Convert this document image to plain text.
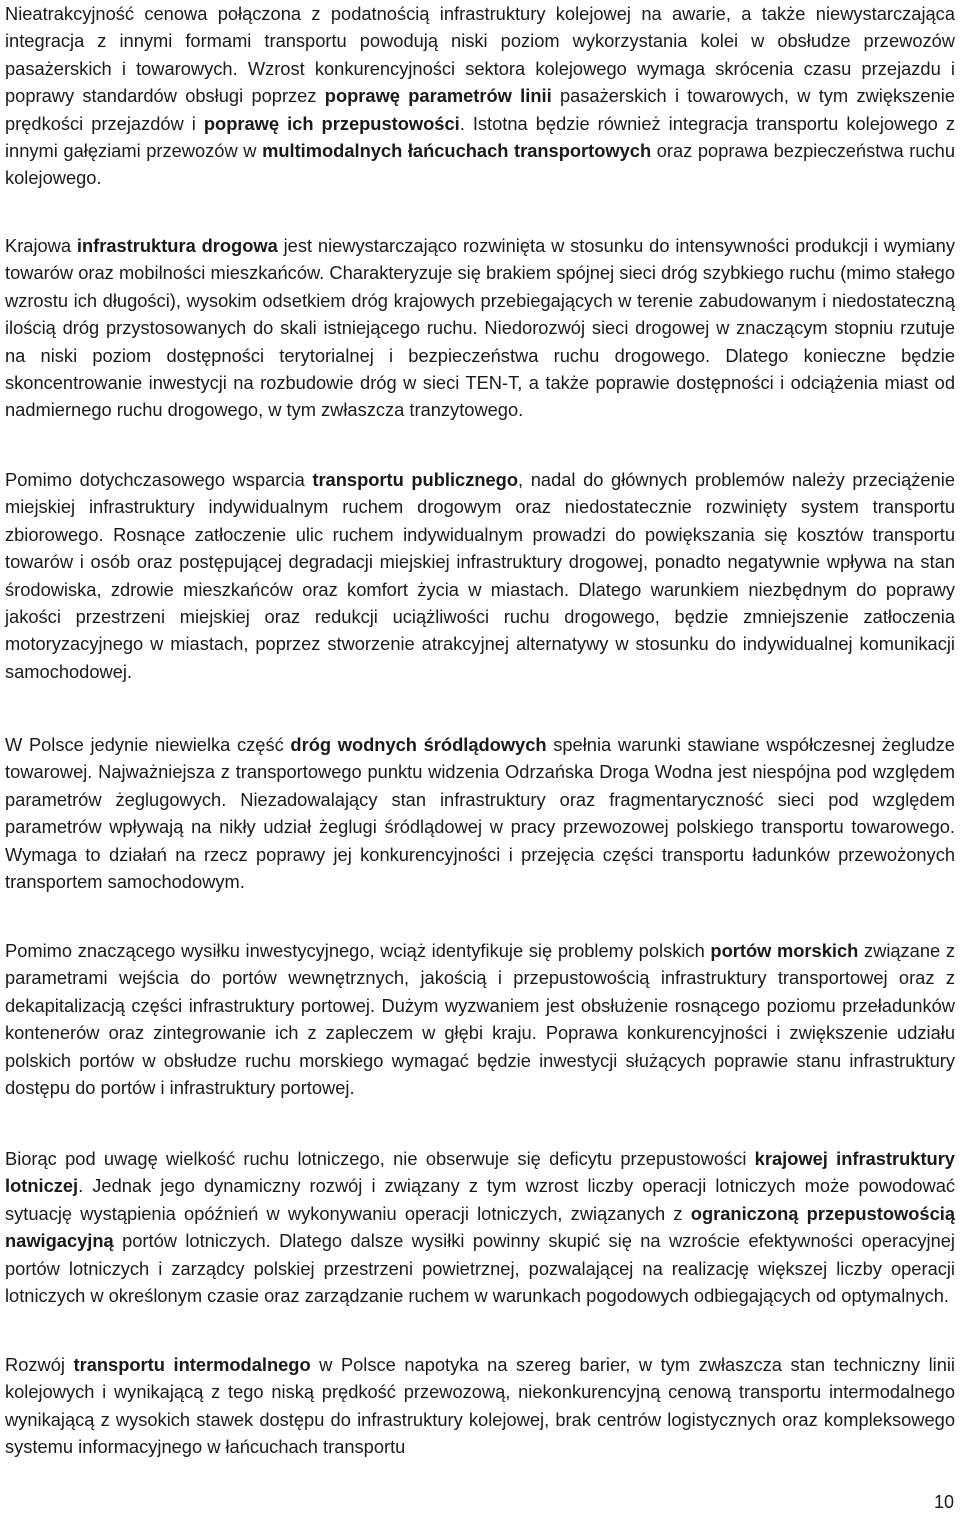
Nieatrakcyjność cenowa połączona z podatnością infrastruktury kolejowej na awarie, a także niewystarczająca integracja z innymi formami transportu powodują niski poziom wykorzystania kolei w obsłudze przewozów pasażerskich i towarowych. Wzrost konkurencyjności sektora kolejowego wymaga skrócenia czasu przejazdu i poprawy standardów obsługi poprzez poprawę parametrów linii pasażerskich i towarowych, w tym zwiększenie prędkości przejazdów i poprawę ich przepustowości. Istotna będzie również integracja transportu kolejowego z innymi gałęziami przewozów w multimodalnych łańcuchach transportowych oraz poprawa bezpieczeństwa ruchu kolejowego.

Krajowa infrastruktura drogowa jest niewystarczająco rozwinięta w stosunku do intensywności produkcji i wymiany towarów oraz mobilności mieszkańców. Charakteryzuje się brakiem spójnej sieci dróg szybkiego ruchu (mimo stałego wzrostu ich długości), wysokim odsetkiem dróg krajowych przebiegających w terenie zabudowanym i niedostateczną ilością dróg przystosowanych do skali istniejącego ruchu. Niedorozwój sieci drogowej w znaczącym stopniu rzutuje na niski poziom dostępności terytorialnej i bezpieczeństwa ruchu drogowego. Dlatego konieczne będzie skoncentrowanie inwestycji na rozbudowie dróg w sieci TEN-T, a także poprawie dostępności i odciążenia miast od nadmiernego ruchu drogowego, w tym zwłaszcza tranzytowego.

Pomimo dotychczasowego wsparcia transportu publicznego, nadal do głównych problemów należy przeciążenie miejskiej infrastruktury indywidualnym ruchem drogowym oraz niedostatecznie rozwinięty system transportu zbiorowego. Rosnące zatłoczenie ulic ruchem indywidualnym prowadzi do powiększania się kosztów transportu towarów i osób oraz postępującej degradacji miejskiej infrastruktury drogowej, ponadto negatywnie wpływa na stan środowiska, zdrowie mieszkańców oraz komfort życia w miastach. Dlatego warunkiem niezbędnym do poprawy jakości przestrzeni miejskiej oraz redukcji uciążliwości ruchu drogowego, będzie zmniejszenie zatłoczenia motoryzacyjnego w miastach, poprzez stworzenie atrakcyjnej alternatywy w stosunku do indywidualnej komunikacji samochodowej.

W Polsce jedynie niewielka część dróg wodnych śródlądowych spełnia warunki stawiane współczesnej żegludze towarowej. Najważniejsza z transportowego punktu widzenia Odrzańska Droga Wodna jest niespójna pod względem parametrów żeglugowych. Niezadowalający stan infrastruktury oraz fragmentaryczność sieci pod względem parametrów wpływają na nikły udział żeglugi śródlądowej w pracy przewozowej polskiego transportu towarowego. Wymaga to działań na rzecz poprawy jej konkurencyjności i przejęcia części transportu ładunków przewożonych transportem samochodowym.

Pomimo znaczącego wysiłku inwestycyjnego, wciąż identyfikuje się problemy polskich portów morskich związane z parametrami wejścia do portów wewnętrznych, jakością i przepustowością infrastruktury transportowej oraz z dekapitalizacją części infrastruktury portowej. Dużym wyzwaniem jest obsłużenie rosnącego poziomu przeładunków kontenerów oraz zintegrowanie ich z zapleczem w głębi kraju. Poprawa konkurencyjności i zwiększenie udziału polskich portów w obsłudze ruchu morskiego wymagać będzie inwestycji służących poprawie stanu infrastruktury dostępu do portów i infrastruktury portowej.

Biorąc pod uwagę wielkość ruchu lotniczego, nie obserwuje się deficytu przepustowości krajowej infrastruktury lotniczej. Jednak jego dynamiczny rozwój i związany z tym wzrost liczby operacji lotniczych może powodować sytuację wystąpienia opóźnień w wykonywaniu operacji lotniczych, związanych z ograniczoną przepustowością nawigacyjną portów lotniczych. Dlatego dalsze wysiłki powinny skupić się na wzroście efektywności operacyjnej portów lotniczych i zarządcy polskiej przestrzeni powietrznej, pozwalającej na realizację większej liczby operacji lotniczych w określonym czasie oraz zarządzanie ruchem w warunkach pogodowych odbiegających od optymalnych.

Rozwój transportu intermodalnego w Polsce napotyka na szereg barier, w tym zwłaszcza stan techniczny linii kolejowych i wynikającą z tego niską prędkość przewozową, niekonkurencyjną cenową transportu intermodalnego wynikającą z wysokich stawek dostępu do infrastruktury kolejowej, brak centrów logistycznych oraz kompleksowego systemu informacyjnego w łańcuchach transportu

10
